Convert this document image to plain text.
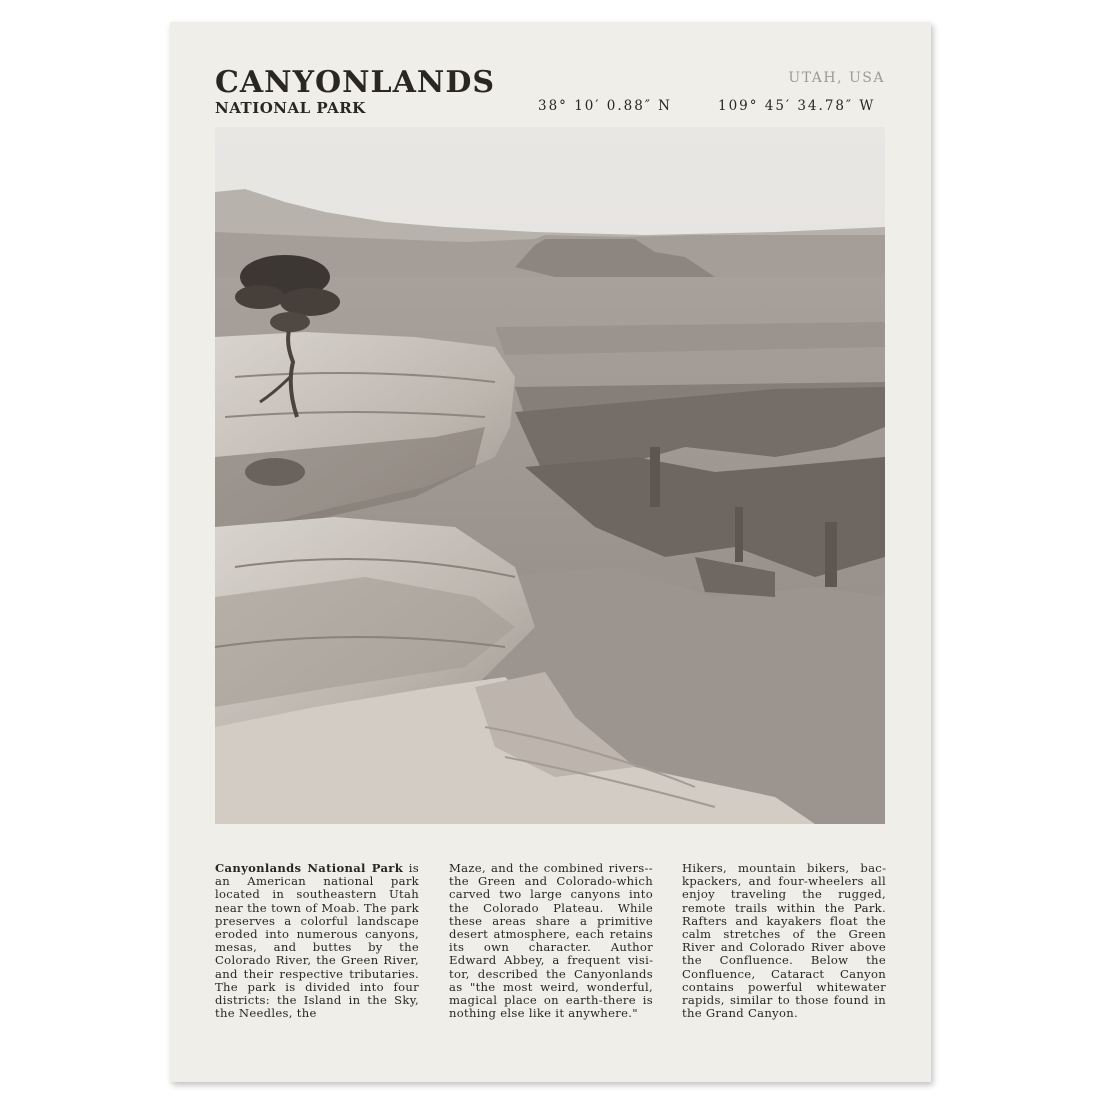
CANYONLANDS
NATIONAL PARK
UTAH, USA
38° 10′ 0.88″ N	109° 45′ 34.78″ W
Canyonlands National Park is an American national park located in southeastern Utah near the town of Moab. The park preserves a colorful landscape eroded into numerous canyons, mesas, and buttes by the Colorado River, the Green River, and their respective tributaries. The park is divided into four districts: the Island in the Sky, the Needles, the
Maze, and the combined rivers--the Green and Colorado-which carved two large canyons into the Colorado Plateau. While these areas share a primitive desert atmosphere, each retains its own character. Author Edward Abbey, a frequent visitor, described the Canyonlands as "the most weird, wonderful, magical place on earth-there is nothing else like it anywhere."
Hikers, mountain bikers, backpackers, and four-wheelers all enjoy traveling the rugged, remote trails within the Park. Rafters and kayakers float the calm stretches of the Green River and Colorado River above the Confluence. Below the Confluence, Cataract Canyon contains powerful whitewater rapids, similar to those found in the Grand Canyon.
